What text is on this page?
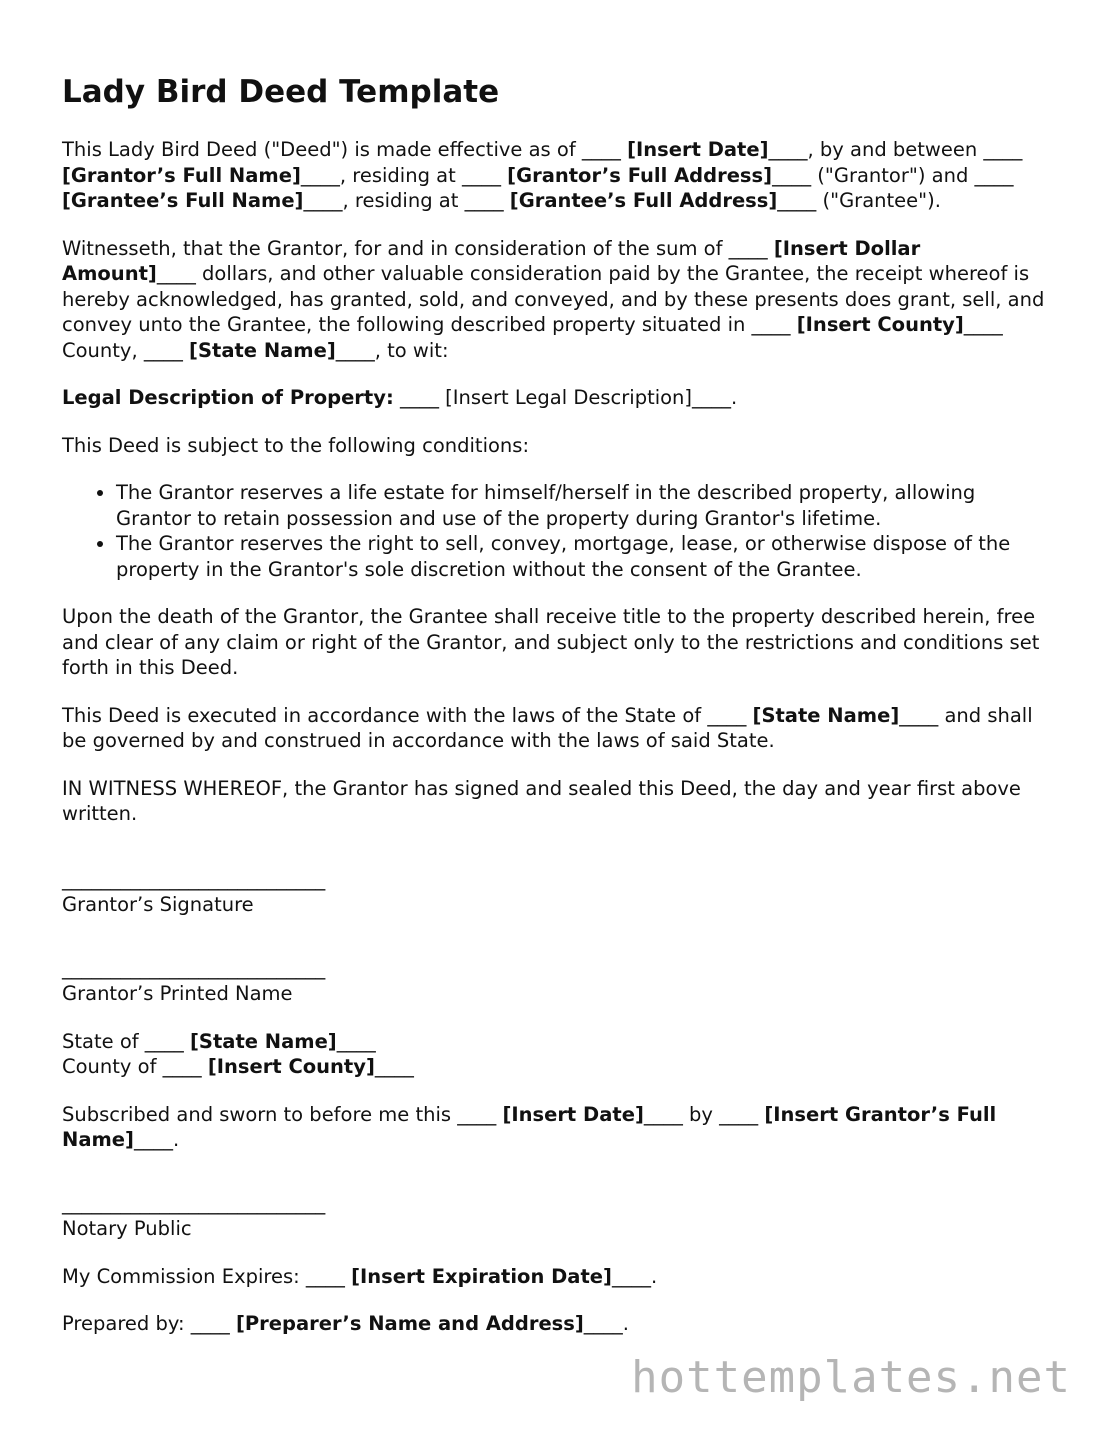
Lady Bird Deed Template

This Lady Bird Deed ("Deed") is made effective as of ____ [Insert Date]____, by and between ____ [Grantor’s Full Name]____, residing at ____ [Grantor’s Full Address]____ ("Grantor") and ____ [Grantee’s Full Name]____, residing at ____ [Grantee’s Full Address]____ ("Grantee").

Witnesseth, that the Grantor, for and in consideration of the sum of ____ [Insert Dollar Amount]____ dollars, and other valuable consideration paid by the Grantee, the receipt whereof is hereby acknowledged, has granted, sold, and conveyed, and by these presents does grant, sell, and convey unto the Grantee, the following described property situated in ____ [Insert County]____ County, ____ [State Name]____, to wit:

Legal Description of Property: ____ [Insert Legal Description]____.

This Deed is subject to the following conditions:

• The Grantor reserves a life estate for himself/herself in the described property, allowing Grantor to retain possession and use of the property during Grantor's lifetime.
• The Grantor reserves the right to sell, convey, mortgage, lease, or otherwise dispose of the property in the Grantor's sole discretion without the consent of the Grantee.

Upon the death of the Grantor, the Grantee shall receive title to the property described herein, free and clear of any claim or right of the Grantor, and subject only to the restrictions and conditions set forth in this Deed.

This Deed is executed in accordance with the laws of the State of ____ [State Name]____ and shall be governed by and construed in accordance with the laws of said State.

IN WITNESS WHEREOF, the Grantor has signed and sealed this Deed, the day and year first above written.

___________________________
Grantor’s Signature
___________________________
Grantor’s Printed Name
State of ____ [State Name]____
County of ____ [Insert County]____

Subscribed and sworn to before me this ____ [Insert Date]____ by ____ [Insert Grantor’s Full Name]____.

___________________________
Notary Public

My Commission Expires: ____ [Insert Expiration Date]____.

Prepared by: ____ [Preparer’s Name and Address]____.

hottemplates.net
